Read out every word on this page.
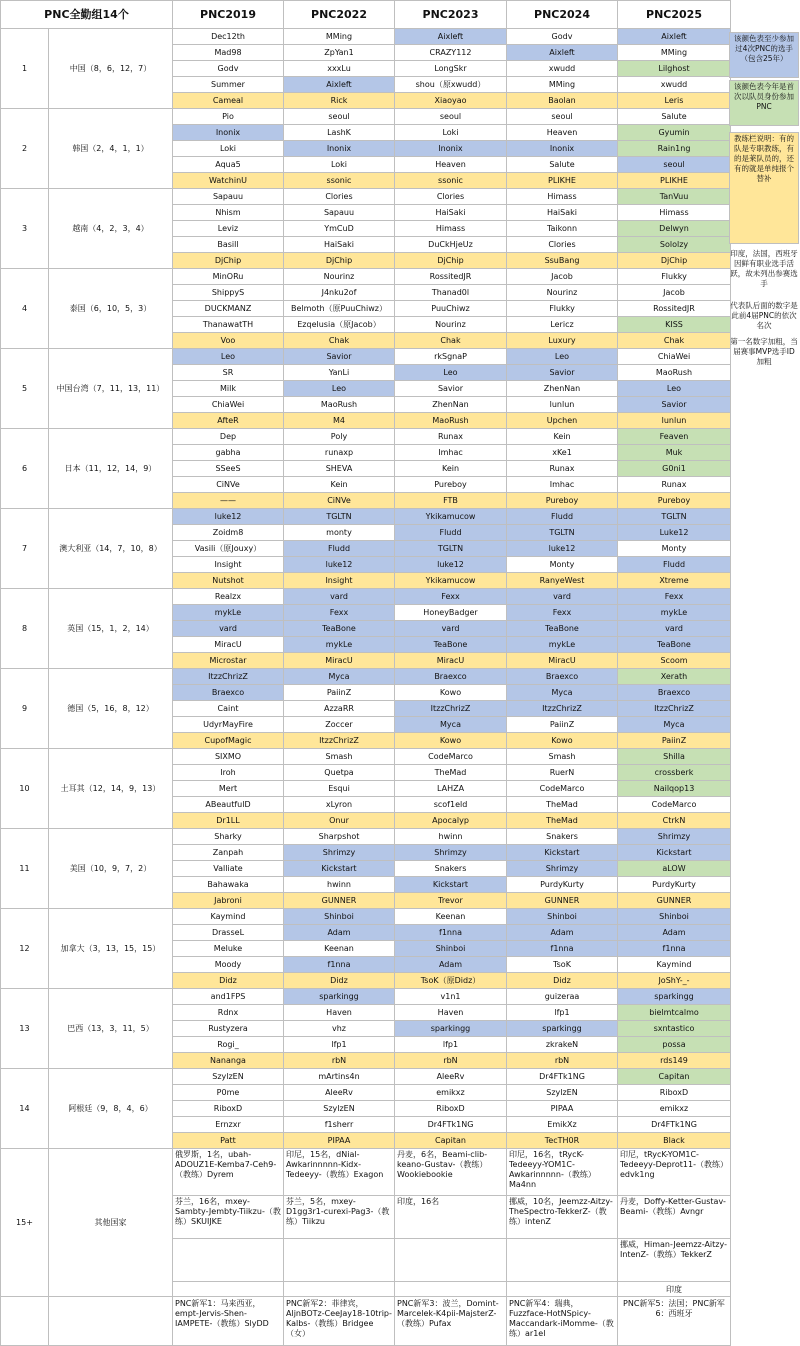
PNC全勤组14个		PNC2019	PNC2022	PNC2023	PNC2024	PNC2025
1	中国（8，6，12，7）	Dec12th	MMing	Aixleft	Godv	Aixleft
		Mad98	ZpYan1	CRAZY112	Aixleft	MMing
		Godv	xxxLu	LongSkr	xwudd	Lilghost
		Summer	Aixleft	shou（原xwudd）	MMing	xwudd
		Cameal	Rick	Xiaoyao	Baolan	Leris
2	韩国（2，4，1，1）	Pio	seoul	seoul	seoul	Salute
		Inonix	LashK	Loki	Heaven	Gyumin
		Loki	Inonix	Inonix	Inonix	Rain1ng
		Aqua5	Loki	Heaven	Salute	seoul
		WatchinU	ssonic	ssonic	PLIKHE	PLIKHE
3	越南（4，2，3，4）	Sapauu	Clories	Clories	Himass	TanVuu
		Nhism	Sapauu	HaiSaki	HaiSaki	Himass
		Leviz	YmCuD	Himass	Taikonn	Delwyn
		Basill	HaiSaki	DuCkHjeUz	Clories	Sololzy
		DjChip	DjChip	DjChip	SsuBang	DjChip
4	泰国（6，10，5，3）	MinORu	Nourinz	RossitedJR	Jacob	Flukky
		ShippyS	J4nku2of	Thanad0l	Nourinz	Jacob
		DUCKMANZ	Belmoth（原PuuChiwz）	PuuChiwz	Flukky	RossitedJR
		ThanawatTH	Ezqelusia（原Jacob）	Nourinz	Lericz	KISS
		Voo	Chak	Chak	Luxury	Chak
5	中国台湾（7，11，13，11）	Leo	Savior	rkSgnaP	Leo	ChiaWei
		SR	YanLi	Leo	Savior	MaoRush
		Milk	Leo	Savior	ZhenNan	Leo
		ChiaWei	MaoRush	ZhenNan	lunlun	Savior
		AfteR	M4	MaoRush	Upchen	lunlun
6	日本（11，12，14，9）	Dep	Poly	Runax	Kein	Feaven
		gabha	runaxp	Imhac	xKe1	Muk
		SSeeS	SHEVA	Kein	Runax	G0ni1
		CiNVe	Kein	Pureboy	Imhac	Runax
		——	CiNVe	FTB	Pureboy	Pureboy
7	澳大利亚（14，7，10，8）	luke12	TGLTN	Ykikamucow	Fludd	TGLTN
		Zoidm8	monty	Fludd	TGLTN	Luke12
		Vasili（原Jouxy）	Fludd	TGLTN	luke12	Monty
		Insight	luke12	luke12	Monty	Fludd
		Nutshot	Insight	Ykikamucow	RanyeWest	Xtreme
8	英国（15，1，2，14）	Realzx	vard	Fexx	vard	Fexx
		mykLe	Fexx	HoneyBadger	Fexx	mykLe
		vard	TeaBone	vard	TeaBone	vard
		MiracU	mykLe	TeaBone	mykLe	TeaBone
		Microstar	MiracU	MiracU	MiracU	Scoom
9	德国（5，16，8，12）	ItzzChrizZ	Myca	Braexco	Braexco	Xerath
		Braexco	PaiinZ	Kowo	Myca	Braexco
		Caint	AzzaRR	ItzzChrizZ	ItzzChrizZ	ItzzChrizZ
		UdyrMayFire	Zoccer	Myca	PaiinZ	Myca
		CupofMagic	ItzzChrizZ	Kowo	Kowo	PaiinZ
10	土耳其（12，14，9，13）	SIXMO	Smash	CodeMarco	Smash	Shilla
		Iroh	Quetpa	TheMad	RuerN	crossberk
		Mert	Esqui	LAHZA	CodeMarco	Nailqop13
		ABeautfulD	xLyron	scof1eld	TheMad	CodeMarco
		Dr1LL	Onur	Apocalyp	TheMad	CtrkN
11	美国（10，9，7，2）	Sharky	Sharpshot	hwinn	Snakers	Shrimzy
		Zanpah	Shrimzy	Shrimzy	Kickstart	Kickstart
		Valliate	Kickstart	Snakers	Shrimzy	aLOW
		Bahawaka	hwinn	Kickstart	PurdyKurty	PurdyKurty
		Jabroni	GUNNER	Trevor	GUNNER	GUNNER
12	加拿大（3，13，15，15）	Kaymind	Shinboi	Keenan	Shinboi	Shinboi
		DrasseL	Adam	f1nna	Adam	Adam
		Meluke	Keenan	Shinboi	f1nna	f1nna
		Moody	f1nna	Adam	TsoK	Kaymind
		Didz	Didz	TsoK（原Didz）	Didz	JoShY-_-
13	巴西（13，3，11，5）	and1FPS	sparkingg	v1n1	guizeraa	sparkingg
		Rdnx	Haven	Haven	lfp1	bielmtcalmo
		Rustyzera	vhz	sparkingg	sparkingg	sxntastico
		Rogi_	lfp1	lfp1	zkrakeN	possa
		Nananga	rbN	rbN	rbN	rds149
14	阿根廷（9，8，4，6）	SzylzEN	mArtins4n	AleeRv	Dr4FTk1NG	Capitan
		P0me	AleeRv	emikxz	SzylzEN	RiboxD
		RiboxD	SzylzEN	RiboxD	PIPAA	emikxz
		Ernzxr	f1sherr	Dr4FTk1NG	EmikXz	Dr4FTk1NG
		Patt	PIPAA	Capitan	TecTH0R	Black
15+	其他国家	俄罗斯，1名，ubah-ADOUZ1E-Kemba7-Ceh9-（教练）Dyrem	印尼，15名，dNial-Awkarinnnnn-Kidx-Tedeeyy-（教练）Exagon	丹麦，6名，Beami-clib-keano-Gustav-（教练）Wookiebookie	印尼，16名，tRycK-Tedeeyy-YOM1C-Awkarinnnnn-（教练）Ma4nn	印尼，tRycK-YOM1C-Tedeeyy-Deprot11-（教练）edvk1ng
		芬兰，16名，mxey-Sambty-Jembty-Tiikzu-（教练）SKUIJKE	芬兰，5名，mxey-D1gg3r1-curexi-Pag3-（教练）Tiikzu	印度，16名	挪威，10名，Jeemzz-Aitzy-TheSpectro-TekkerZ-（教练）intenZ	丹麦，Doffy-Ketter-Gustav-Beami-（教练）Avngr
						挪威，Himan-Jeemzz-Aitzy-IntenZ-（教练）TekkerZ
						印度
		PNC新军1：马来西亚，empt-Jervis-Shen-IAMPETE-（教练）SlyDD	PNC新军2：菲律宾，AljnBOTz-CeeJay18-10trip-Kalbs-（教练）Bridgee（女）	PNC新军3：波兰，Domint-Marcelek-K4pii-MajsterZ-（教练）Pufax	PNC新军4：瑞典，Fuzzface-HotNSpicy-Maccandark-iMomme-（教练）ar1el	PNC新军5：法国；PNC新军6：西班牙
该颜色表至少参加过4次PNC的选手（包含25年）
该颜色表今年是首次以队员身份参加PNC
教练栏说明：有的队是专职教练，有的是莱队员的，还有的就是单纯报个替补
印度，法国，西班牙因鲜有职业选手活跃，故未列出参赛选手
代表队后面的数字是此前4届PNC的依次名次
第一名数字加粗，当届赛事MVP选手ID加粗
